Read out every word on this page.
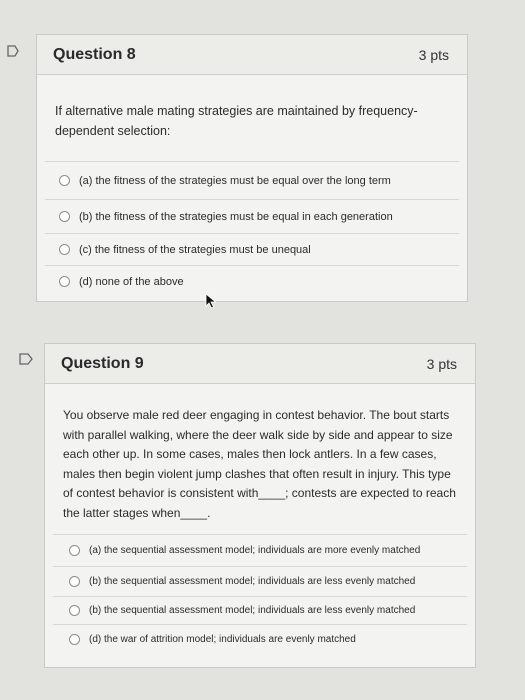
Question 8	3 pts
If alternative male mating strategies are maintained by frequency-dependent selection:
(a) the fitness of the strategies must be equal over the long term
(b) the fitness of the strategies must be equal in each generation
(c) the fitness of the strategies must be unequal
(d) none of the above
Question 9	3 pts
You observe male red deer engaging in contest behavior. The bout starts with parallel walking, where the deer walk side by side and appear to size each other up. In some cases, males then lock antlers. In a few cases, males then begin violent jump clashes that often result in injury. This type of contest behavior is consistent with____; contests are expected to reach the latter stages when____.
(a) the sequential assessment model; individuals are more evenly matched
(b) the sequential assessment model; individuals are less evenly matched
(b) the sequential assessment model; individuals are less evenly matched
(d) the war of attrition model; individuals are evenly matched
